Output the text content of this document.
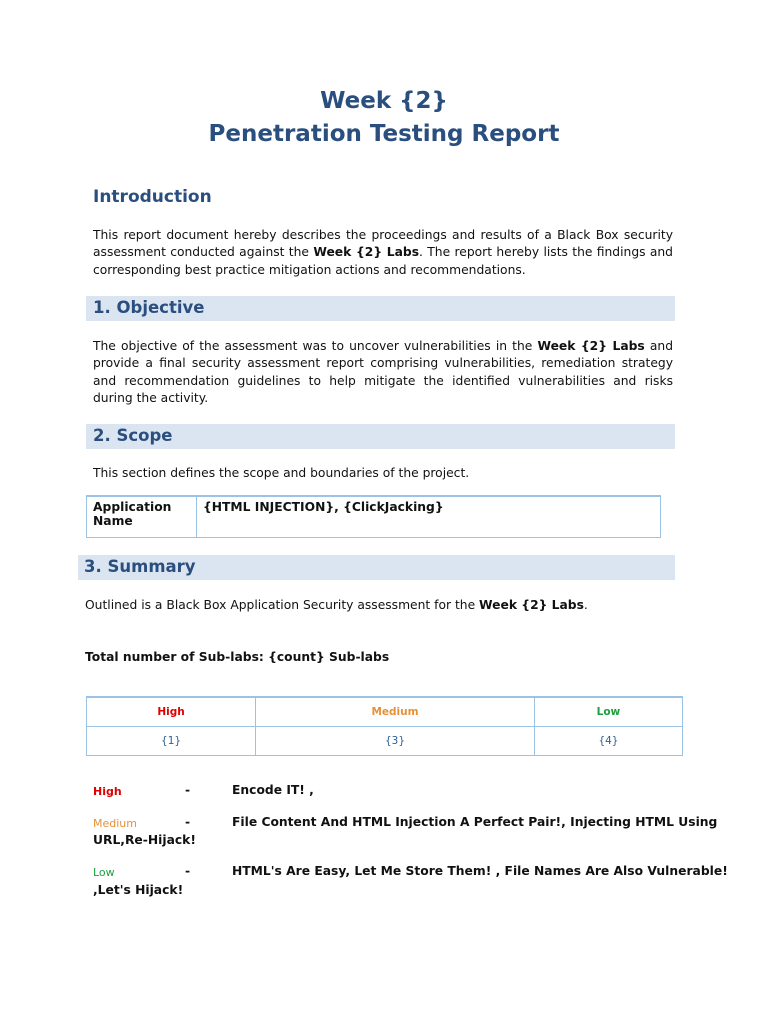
Week {2}
Penetration Testing Report
Introduction
This report document hereby describes the proceedings and results of a Black Box security assessment conducted against the Week {2} Labs. The report hereby lists the findings and corresponding best practice mitigation actions and recommendations.
1. Objective
The objective of the assessment was to uncover vulnerabilities in the Week {2} Labs and provide a final security assessment report comprising vulnerabilities, remediation strategy and recommendation guidelines to help mitigate the identified vulnerabilities and risks during the activity.
2. Scope
This section defines the scope and boundaries of the project.
Application Name	{HTML INJECTION}, {ClickJacking}
3. Summary
Outlined is a Black Box Application Security assessment for the Week {2} Labs.
Total number of Sub-labs: {count} Sub-labs
High	Medium	Low
{1}	{3}	{4}
High	-	Encode IT! ,
Medium	-	File Content And HTML Injection A Perfect Pair!, Injecting HTML Using
URL,Re-Hijack!
Low	-	HTML's Are Easy, Let Me Store Them! , File Names Are Also Vulnerable!
,Let's Hijack!
